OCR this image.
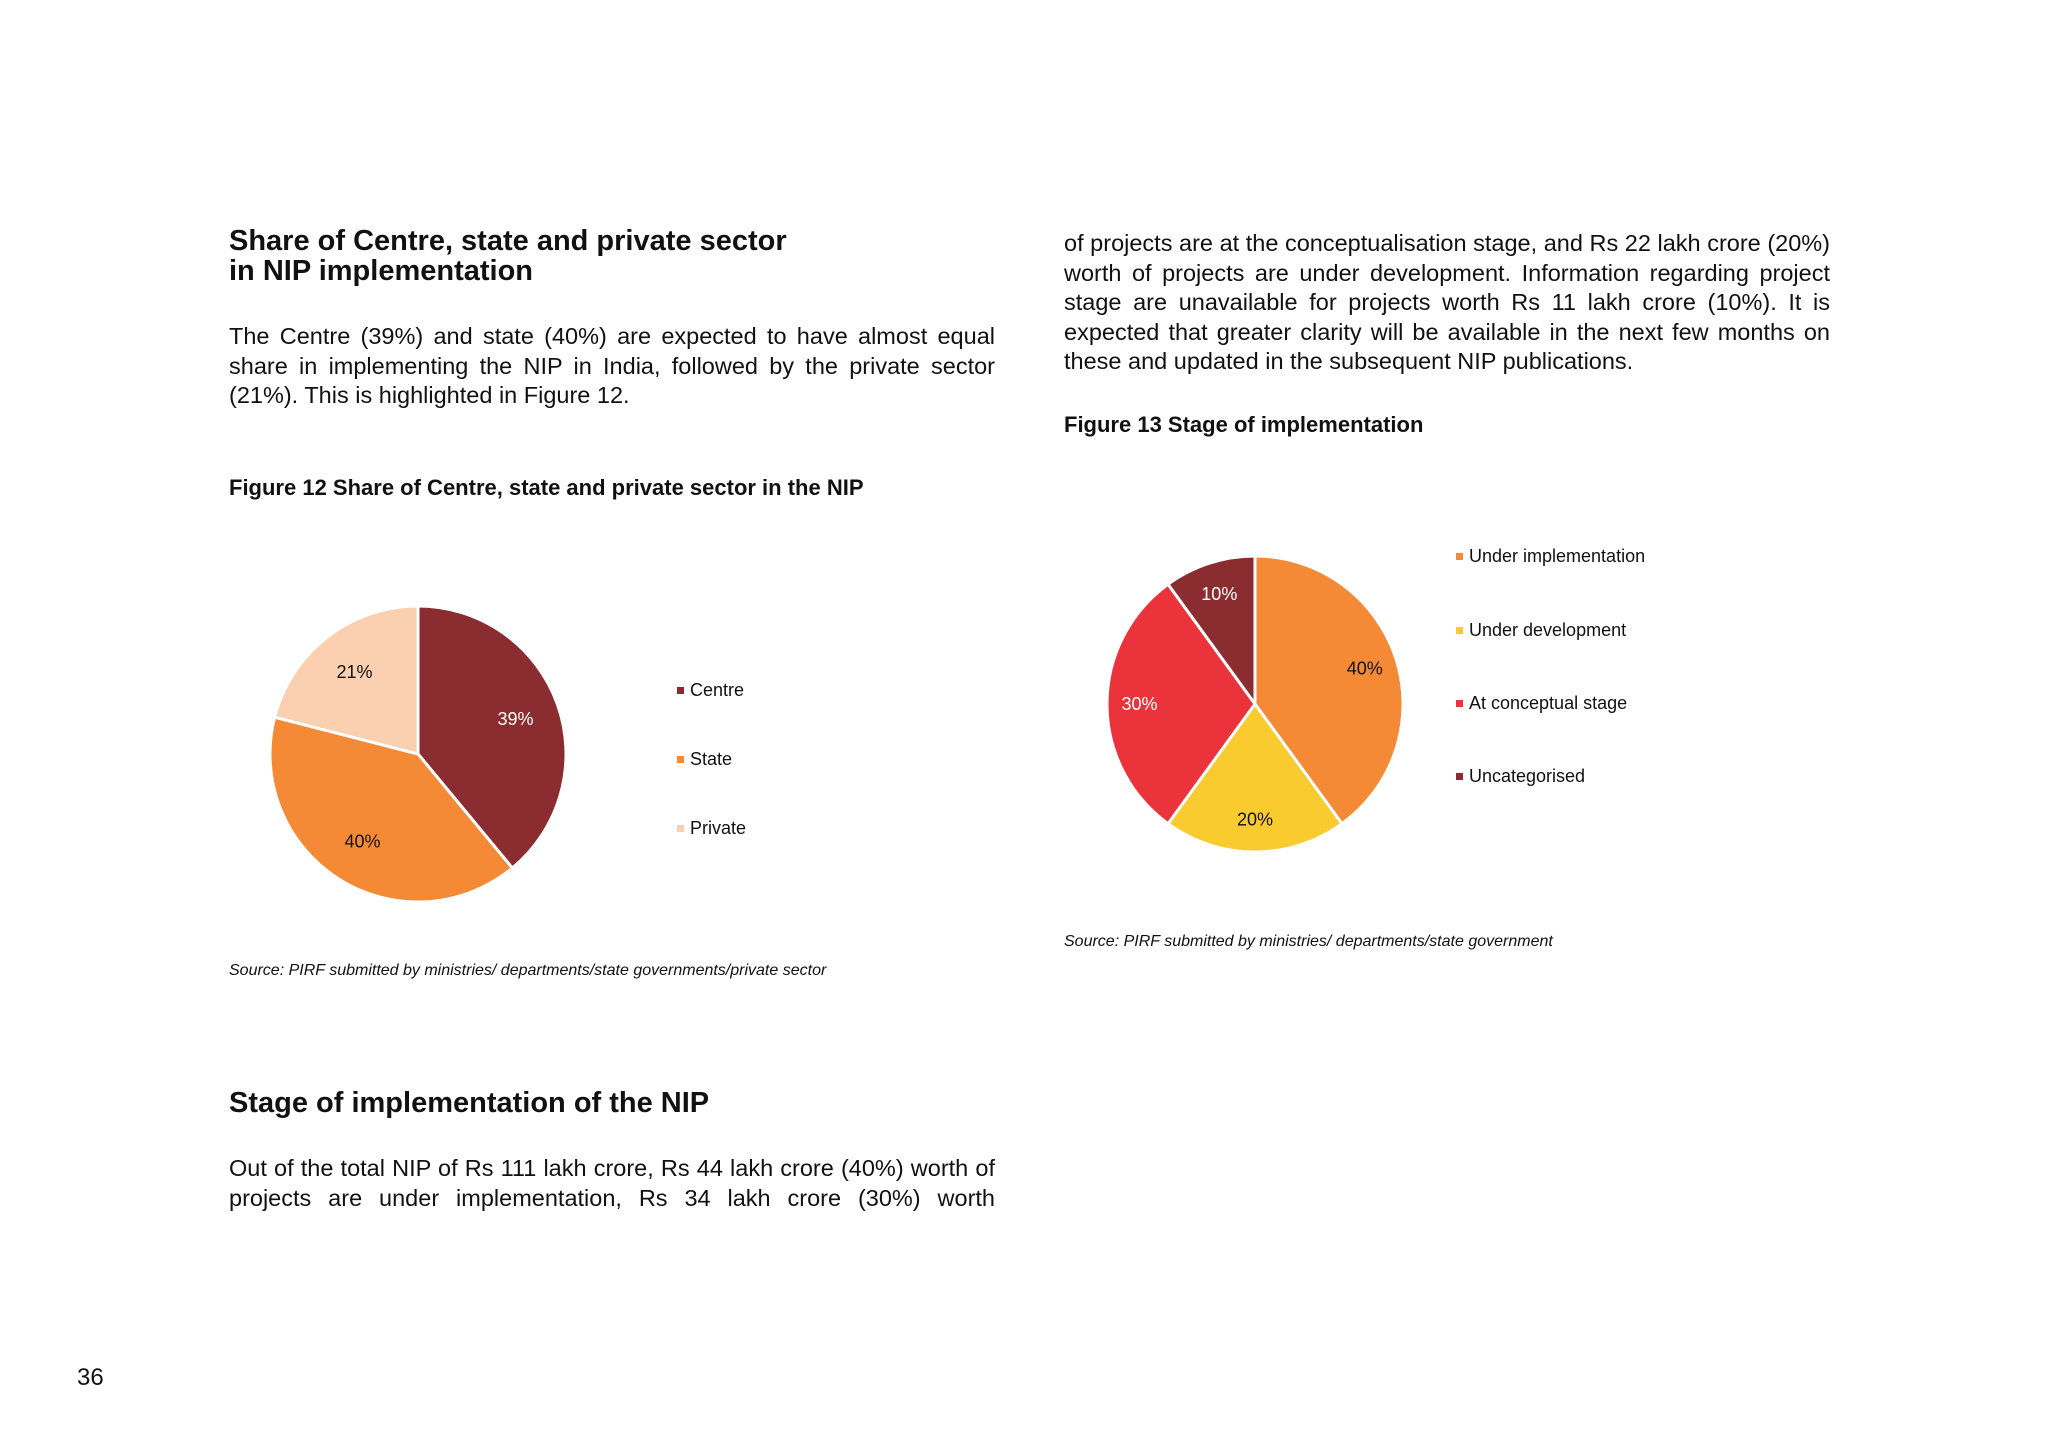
Share of Centre, state and private sector in NIP implementation

The Centre (39%) and state (40%) are expected to have almost equal share in implementing the NIP in India, followed by the private sector (21%). This is highlighted in Figure 12.

Figure 12 Share of Centre, state and private sector in the NIP

39%
40%
21%
Centre
State
Private

Source: PIRF submitted by ministries/ departments/state governments/private sector

Stage of implementation of the NIP

Out of the total NIP of Rs 111 lakh crore, Rs 44 lakh crore (40%) worth of projects are under implementation, Rs 34 lakh crore (30%) worth

of projects are at the conceptualisation stage, and Rs 22 lakh crore (20%) worth of projects are under development. Information regarding project stage are unavailable for projects worth Rs 11 lakh crore (10%). It is expected that greater clarity will be available in the next few months on these and updated in the subsequent NIP publications.

Figure 13 Stage of implementation

40%
20%
30%
10%
Under implementation
Under development
At conceptual stage
Uncategorised

Source: PIRF submitted by ministries/ departments/state government

36
